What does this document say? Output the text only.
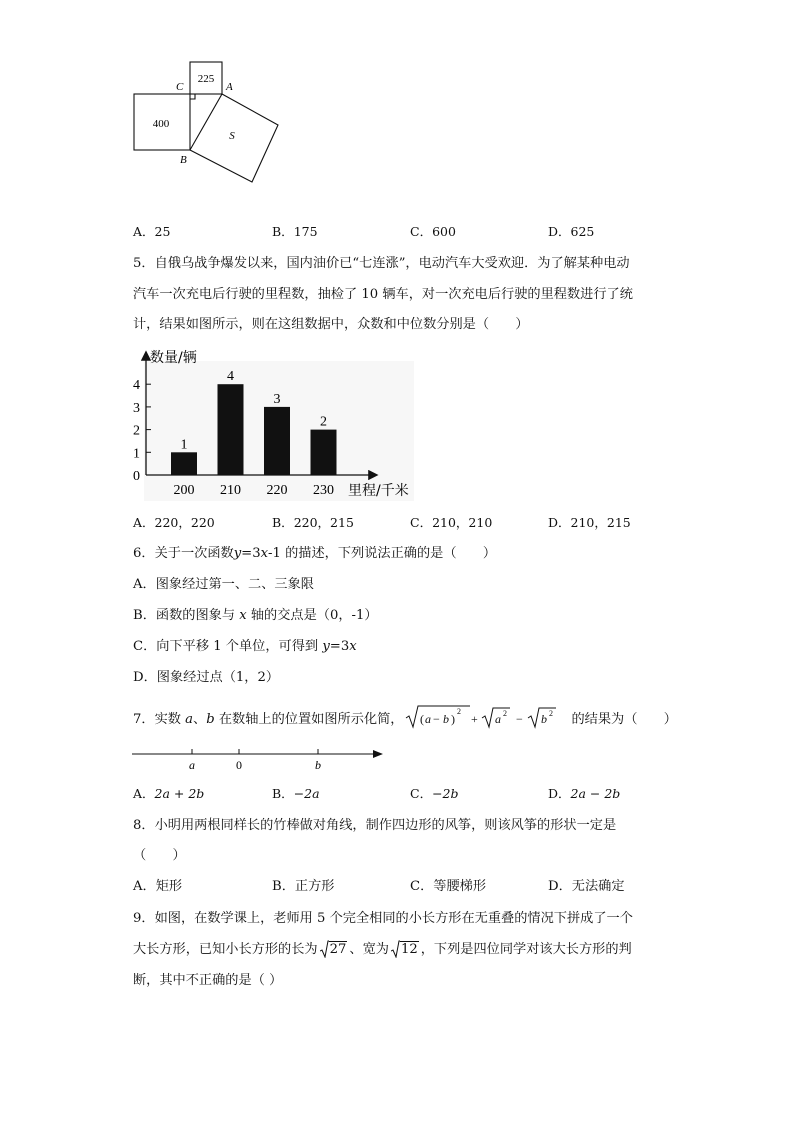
225
400
S
C	A
B
A．25	B．175	C．600	D．625
5．自俄乌战争爆发以来，国内油价已“七连涨”，电动汽车大受欢迎．为了解某种电动
汽车一次充电后行驶的里程数，抽检了 10 辆车，对一次充电后行驶的里程数进行了统
计，结果如图所示，则在这组数据中，众数和中位数分别是（　　）
数量/辆
里程/千米
0
1
2
3
4
1
200
4
210
3
220
2
230
A．220，220	B．220，215	C．210，210	D．210，215
6．关于一次函数y=3x-1 的描述，下列说法正确的是（　　）
A．图象经过第一、二、三象限
B．函数的图象与 x 轴的交点是（0，-1）
C．向下平移 1 个单位，可得到 y=3x
D．图象经过点（1，2）
7．实数 a、b 在数轴上的位置如图所示化简， ( a − b )
2
+ a 2 − b 2 的结果为（　　）
a	0	b
A．2a + 2b	B．−2a	C．−2b	D．2a − 2b
8．小明用两根同样长的竹棒做对角线，制作四边形的风筝，则该风筝的形状一定是
（　　）
A．矩形	B．正方形	C．等腰梯形	D．无法确定
9．如图，在数学课上，老师用 5 个完全相同的小长方形在无重叠的情况下拼成了一个
大长方形，已知小长方形的长为 27 、宽为 12 ，下列是四位同学对该大长方形的判
断，其中不正确的是（ ）
